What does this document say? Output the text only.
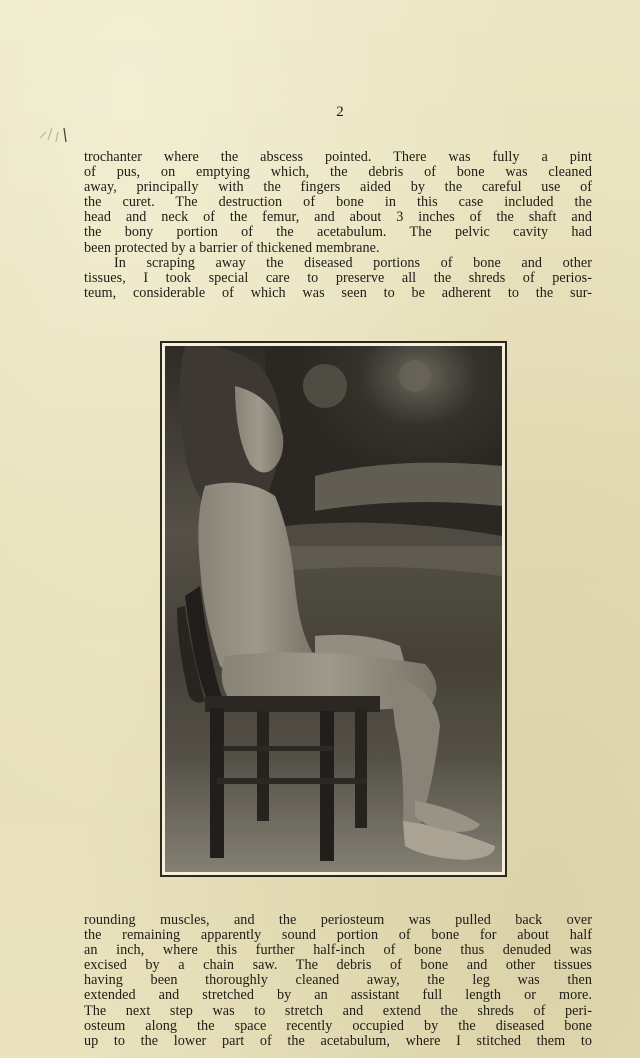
2
trochanter where the abscess pointed. There was fully a pint
of pus, on emptying which, the debris of bone was cleaned
away, principally with the fingers aided by the careful use of
the curet. The destruction of bone in this case included the
head and neck of the femur, and about 3 inches of the shaft and
the bony portion of the acetabulum. The pelvic cavity had
been protected by a barrier of thickened membrane.
In scraping away the diseased portions of bone and other
tissues, I took special care to preserve all the shreds of perios-
teum, considerable of which was seen to be adherent to the sur-
rounding muscles, and the periosteum was pulled back over
the remaining apparently sound portion of bone for about half
an inch, where this further half-inch of bone thus denuded was
excised by a chain saw. The debris of bone and other tissues
having been thoroughly cleaned away, the leg was then
extended and stretched by an assistant full length or more.
The next step was to stretch and extend the shreds of peri-
osteum along the space recently occupied by the diseased bone
up to the lower part of the acetabulum, where I stitched them to
